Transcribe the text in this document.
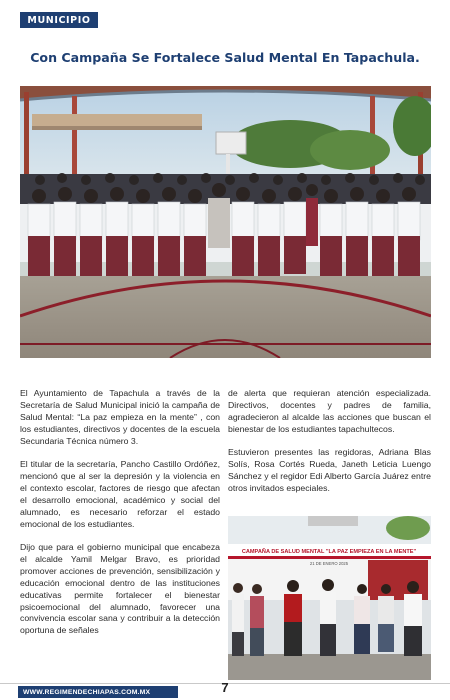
MUNICIPIO
Con Campaña Se Fortalece Salud Mental En Tapachula.

El Ayuntamiento de Tapachula a través de la Secretaría de Salud Municipal inició la campaña de Salud Mental: “La paz empieza en la mente” , con los estudiantes, directivos y docentes de la escuela Secundaria Técnica número 3.

El titular de la secretaría, Pancho Castillo Ordóñez, mencionó que al ser la depresión y la violencia en el contexto escolar, factores de riesgo que afectan el desarrollo emocional, académico y social del alumnado, es necesario reforzar el estado emocional de los estudiantes.

Dijo que para el gobierno municipal que encabeza el alcalde Yamil Melgar Bravo, es prioridad promover acciones de prevención, sensibilización y educación emocional dentro de las instituciones educativas permite fortalecer el bienestar psicoemocional del alumnado, favorecer una convivencia escolar sana y contribuir a la detección oportuna de señales

de alerta que requieran atención especializada. Directivos, docentes y padres de familia, agradecieron al alcalde las acciones que buscan el bienestar de los estudiantes tapachultecos.

Estuvieron presentes las regidoras, Adriana Blas Solís, Rosa Cortés Rueda, Janeth Leticia Luengo Sánchez y el regidor Edi Alberto García Juárez entre otros invitados especiales.

CAMPAÑA DE SALUD MENTAL "LA PAZ EMPIEZA EN LA MENTE"
21 DE ENERO 2025
WWW.REGIMENDECHIAPAS.COM.MX	7
